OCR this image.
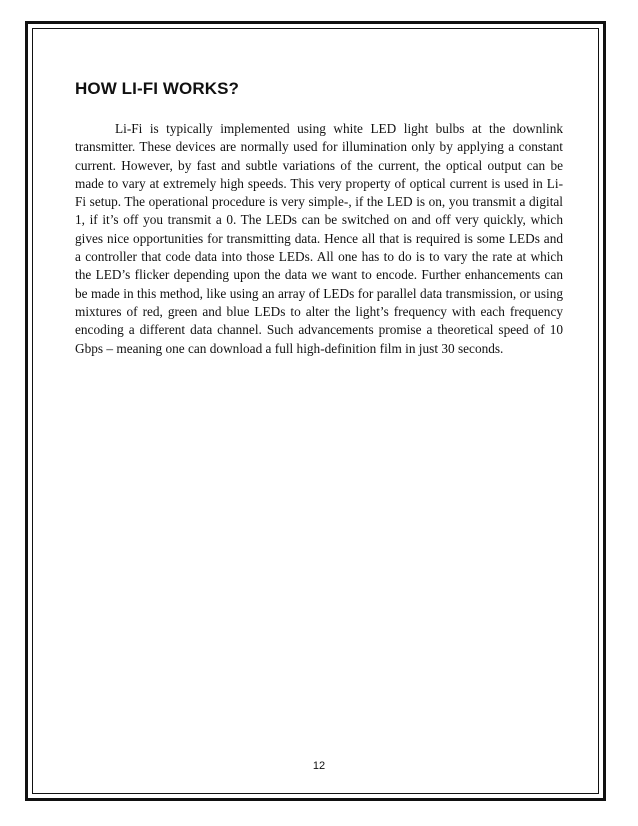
HOW LI-FI WORKS?

Li-Fi is typically implemented using white LED light bulbs at the downlink transmitter. These devices are normally used for illumination only by applying a constant current. However, by fast and subtle variations of the current, the optical output can be made to vary at extremely high speeds. This very property of optical current is used in Li-Fi setup. The operational procedure is very simple-, if the LED is on, you transmit a digital 1, if it’s off you transmit a 0. The LEDs can be switched on and off very quickly, which gives nice opportunities for transmitting data. Hence all that is required is some LEDs and a controller that code data into those LEDs. All one has to do is to vary the rate at which the LED’s flicker depending upon the data we want to encode. Further enhancements can be made in this method, like using an array of LEDs for parallel data transmission, or using mixtures of red, green and blue LEDs to alter the light’s frequency with each frequency encoding a different data channel. Such advancements promise a theoretical speed of 10 Gbps – meaning one can download a full high-definition film in just 30 seconds.

12
